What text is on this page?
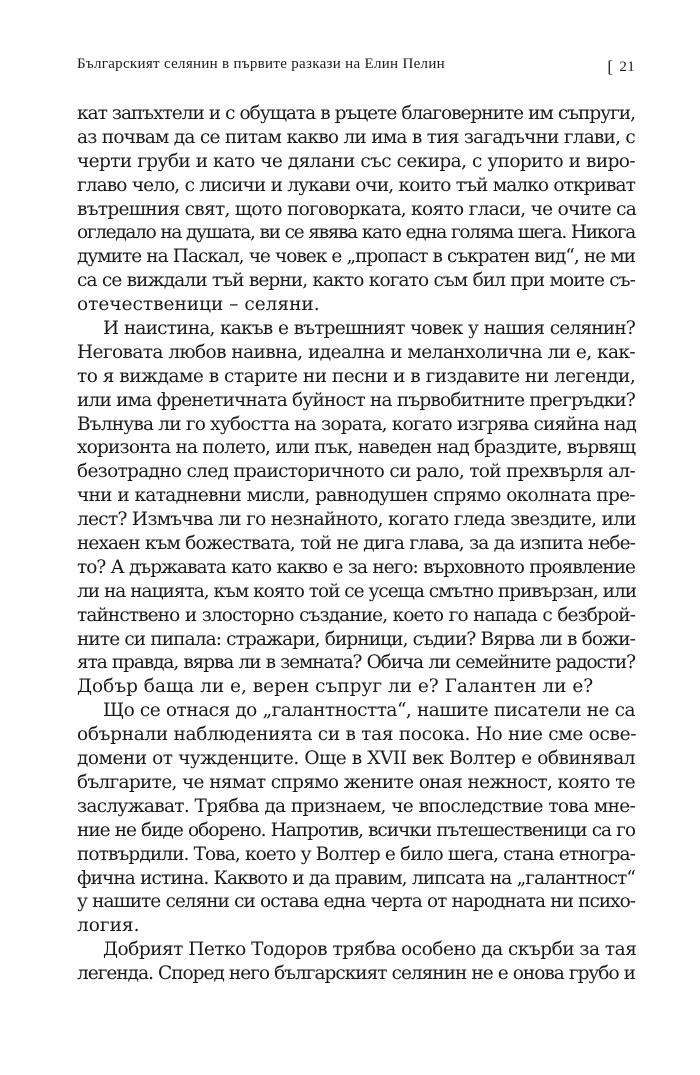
Българският селянин в първите разкази на Елин Пелин	[ 21
кат запъхтели и с обущата в ръцете благоверните им съпруги,
аз почвам да се питам какво ли има в тия загадъчни глави, с
черти груби и като че дялани със секира, с упорито и виро-
главо чело, с лисичи и лукави очи, които тъй малко откриват
вътрешния свят, щото поговорката, която гласи, че очите са
огледало на душата, ви се явява като една голяма шега. Никога
думите на Паскал, че човек е „пропаст в съкратен вид“, не ми
са се виждали тъй верни, както когато съм бил при моите съ-
отечественици – селяни.
И наистина, какъв е вътрешният човек у нашия селянин?
Неговата любов наивна, идеална и меланхолична ли е, как-
то я виждаме в старите ни песни и в гиздавите ни легенди,
или има френетичната буйност на първобитните прегръдки?
Вълнува ли го хубостта на зората, когато изгрява сияйна над
хоризонта на полето, или пък, наведен над браздите, вървящ
безотрадно след праисторичното си рало, той прехвърля ал-
чни и катадневни мисли, равнодушен спрямо околната пре-
лест? Измъчва ли го незнайното, когато гледа звездите, или
нехаен към божествата, той не дига глава, за да изпита небе-
то? А държавата като какво е за него: върховното проявление
ли на нацията, към която той се усеща смътно привързан, или
тайнствено и злосторно създание, което го напада с безброй-
ните си пипала: стражари, бирници, съдии? Вярва ли в божи-
ята правда, вярва ли в земната? Обича ли семейните радости?
Добър баща ли е, верен съпруг ли е? Галантен ли е?
Що се отнася до „галантността“, нашите писатели не са
обърнали наблюденията си в тая посока. Но ние сме осве-
домени от чужденците. Още в XVII век Волтер е обвинявал
българите, че нямат спрямо жените оная нежност, която те
заслужават. Трябва да признаем, че впоследствие това мне-
ние не биде оборено. Напротив, всички пътешественици са го
потвърдили. Това, което у Волтер е било шега, стана етногра-
фична истина. Каквото и да правим, липсата на „галантност“
у нашите селяни си остава една черта от народната ни психо-
логия.
Добрият Петко Тодоров трябва особено да скърби за тая
легенда. Според него българският селянин не е онова грубо и
